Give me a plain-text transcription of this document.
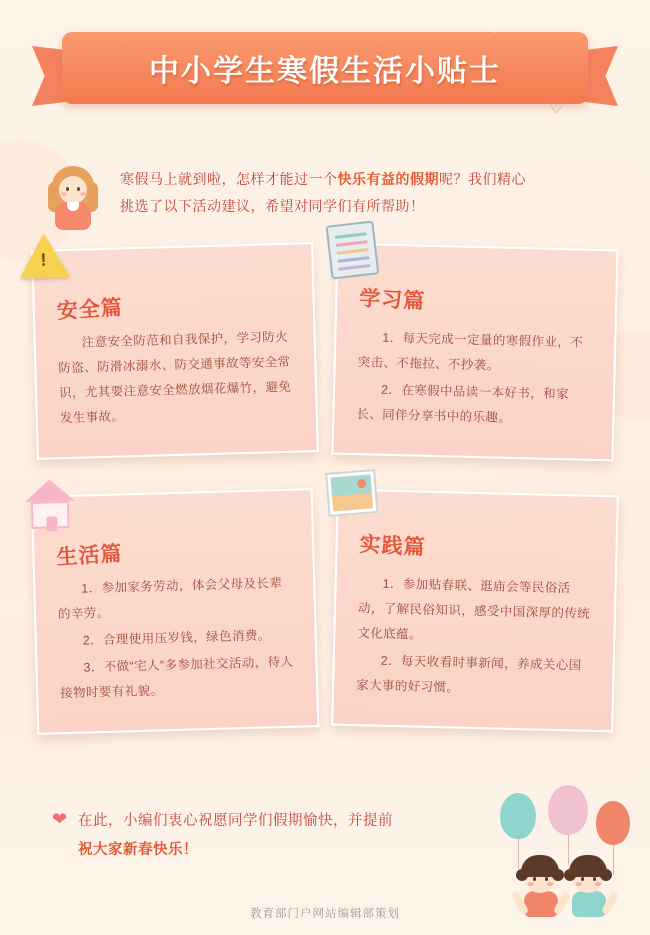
中小学生寒假生活小贴士
♡
♡
♡
寒假马上就到啦，怎样才能过一个快乐有益的假期呢？我们精心
挑选了以下活动建议，希望对同学们有所帮助！
!
安全篇

注意安全防范和自我保护，学习防火防盗、防滑冰溺水、防交通事故等安全常识，尤其要注意安全燃放烟花爆竹，避免发生事故。

学习篇

1．每天完成一定量的寒假作业，不突击、不拖拉、不抄袭。

2．在寒假中品读一本好书，和家长、同伴分享书中的乐趣。

生活篇

1．参加家务劳动，体会父母及长辈的辛劳。

2．合理使用压岁钱，绿色消费。

3．不做“宅人”多参加社交活动，待人接物时要有礼貌。

实践篇

1．参加贴春联、逛庙会等民俗活动，了解民俗知识，感受中国深厚的传统文化底蕴。

2．每天收看时事新闻，养成关心国家大事的好习惯。

❤ 在此，小编们衷心祝愿同学们假期愉快，并提前
祝大家新春快乐！
教育部门户网站编辑部策划
